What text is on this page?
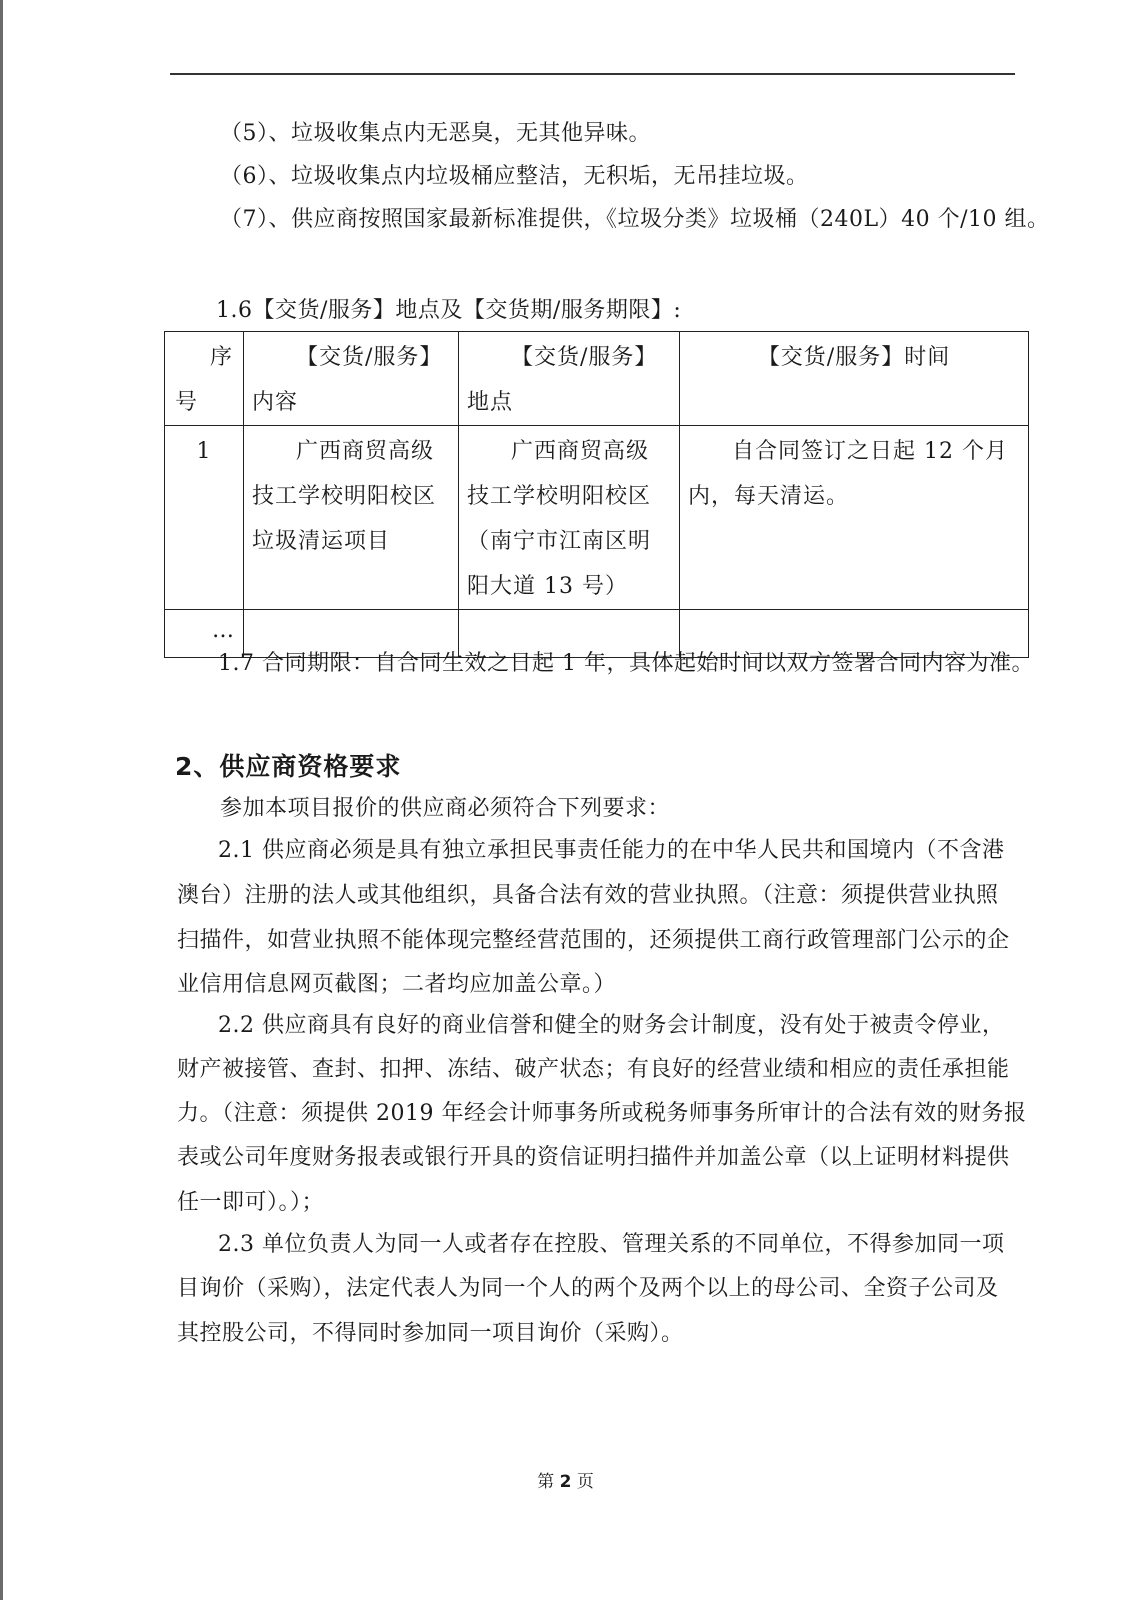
（5）、垃圾收集点内无恶臭，无其他异味。
（6）、垃圾收集点内垃圾桶应整洁，无积垢，无吊挂垃圾。
（7）、供应商按照国家最新标准提供，《垃圾分类》垃圾桶（240L）40 个/10 组。
1.6【交货/服务】地点及【交货期/服务期限】:
序
号	【交货/服务】内容	【交货/服务】地点	【交货/服务】时间
1	广西商贸高级技工学校明阳校区垃圾清运项目	广西商贸高级技工学校明阳校区（南宁市江南区明阳大道 13 号）	自合同签订之日起 12 个月内，每天清运。

…			
1.7 合同期限：自合同生效之日起 1 年，具体起始时间以双方签署合同内容为准。
2、供应商资格要求
参加本项目报价的供应商必须符合下列要求：
2.1 供应商必须是具有独立承担民事责任能力的在中华人民共和国境内（不含港
澳台）注册的法人或其他组织，具备合法有效的营业执照。（注意：须提供营业执照
扫描件，如营业执照不能体现完整经营范围的，还须提供工商行政管理部门公示的企
业信用信息网页截图；二者均应加盖公章。）
2.2 供应商具有良好的商业信誉和健全的财务会计制度，没有处于被责令停业，
财产被接管、查封、扣押、冻结、破产状态；有良好的经营业绩和相应的责任承担能
力。（注意：须提供 2019 年经会计师事务所或税务师事务所审计的合法有效的财务报
表或公司年度财务报表或银行开具的资信证明扫描件并加盖公章（以上证明材料提供
任一即可）。）；
2.3 单位负责人为同一人或者存在控股、管理关系的不同单位，不得参加同一项
目询价（采购），法定代表人为同一个人的两个及两个以上的母公司、全资子公司及
其控股公司，不得同时参加同一项目询价（采购）。
第 2 页
